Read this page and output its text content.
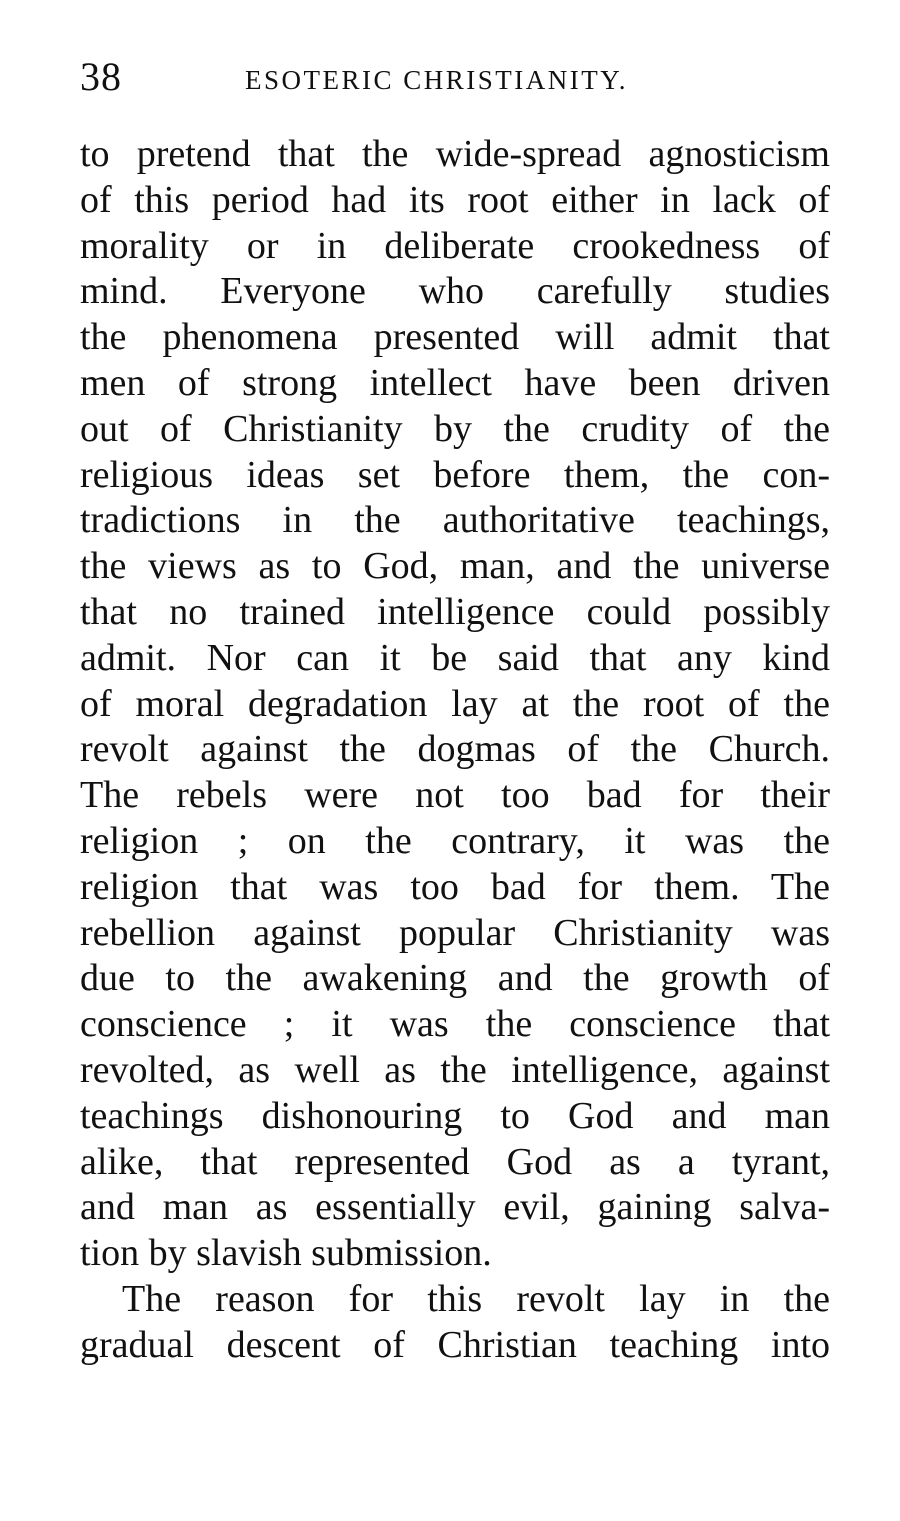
38	ESOTERIC CHRISTIANITY.
to pretend that the wide-spread agnosticism
of this period had its root either in lack of
morality or in deliberate crookedness of
mind. Everyone who carefully studies
the phenomena presented will admit that
men of strong intellect have been driven
out of Christianity by the crudity of the
religious ideas set before them, the con-
tradictions in the authoritative teachings,
the views as to God, man, and the universe
that no trained intelligence could possibly
admit. Nor can it be said that any kind
of moral degradation lay at the root of the
revolt against the dogmas of the Church.
The rebels were not too bad for their
religion ; on the contrary, it was the
religion that was too bad for them. The
rebellion against popular Christianity was
due to the awakening and the growth of
conscience ; it was the conscience that
revolted, as well as the intelligence, against
teachings dishonouring to God and man
alike, that represented God as a tyrant,
and man as essentially evil, gaining salva-
tion by slavish submission.
The reason for this revolt lay in the
gradual descent of Christian teaching into
